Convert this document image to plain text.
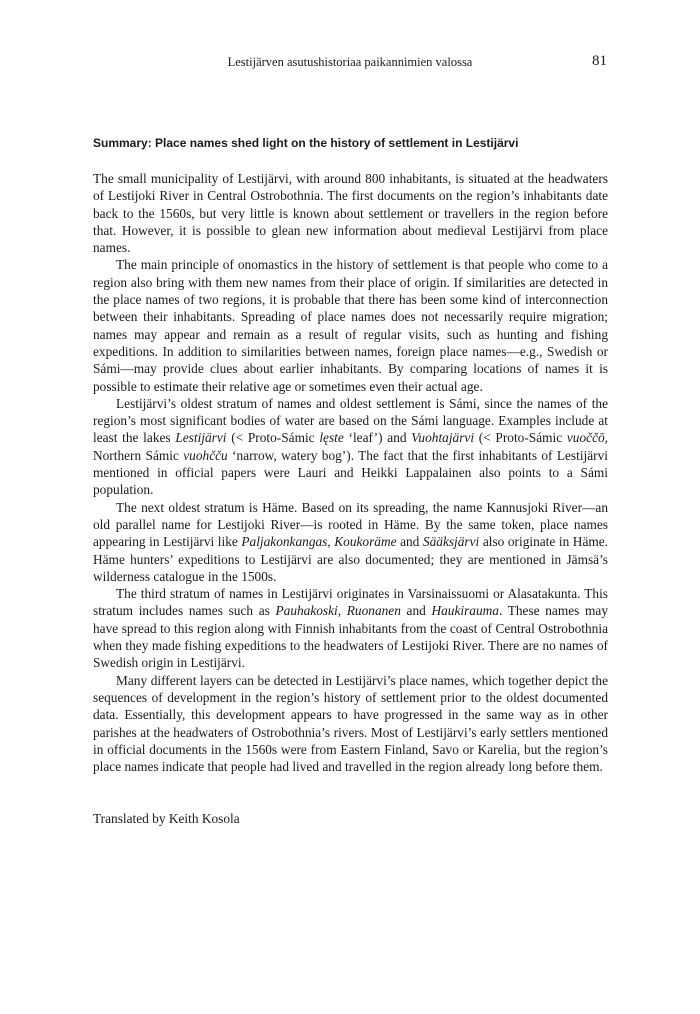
Lestijärven asutushistoriaa paikannimien valossa	81
Summary: Place names shed light on the history of settlement in Lestijärvi

The small municipality of Lestijärvi, with around 800 inhabitants, is situated at the headwaters of Lestijoki River in Central Ostrobothnia. The first documents on the region’s inhabitants date back to the 1560s, but very little is known about settlement or travellers in the region before that. However, it is possible to glean new information about medieval Lestijärvi from place names.

The main principle of onomastics in the history of settlement is that people who come to a region also bring with them new names from their place of origin. If similarities are detected in the place names of two regions, it is probable that there has been some kind of interconnection between their inhabitants. Spreading of place names does not necessarily require migration; names may appear and remain as a result of regular visits, such as hunting and fishing expeditions. In addition to similarities between names, foreign place names—e.g., Swedish or Sámi—may provide clues about earlier inhabitants. By comparing locations of names it is possible to estimate their relative age or sometimes even their actual age.

Lestijärvi’s oldest stratum of names and oldest settlement is Sámi, since the names of the region’s most significant bodies of water are based on the Sámi language. Examples include at least the lakes Lestijärvi (< Proto-Sámic lęste ‘leaf’) and Vuohtajärvi (< Proto-Sámic vuoččō, Northern Sámic vuohčču ‘narrow, watery bog’). The fact that the first inhabitants of Lestijärvi mentioned in official papers were Lauri and Heikki Lappalainen also points to a Sámi population.

The next oldest stratum is Häme. Based on its spreading, the name Kannusjoki River—an old parallel name for Lestijoki River—is rooted in Häme. By the same token, place names appearing in Lestijärvi like Paljakonkangas, Koukoräme and Sääksjärvi also originate in Häme. Häme hunters’ expeditions to Lestijärvi are also documented; they are mentioned in Jämsä’s wilderness catalogue in the 1500s.

The third stratum of names in Lestijärvi originates in Varsinaissuomi or Alasatakunta. This stratum includes names such as Pauhakoski, Ruonanen and Haukirauma. These names may have spread to this region along with Finnish inhabitants from the coast of Central Ostrobothnia when they made fishing expeditions to the headwaters of Lestijoki River. There are no names of Swedish origin in Lestijärvi.

Many different layers can be detected in Lestijärvi’s place names, which together depict the sequences of development in the region’s history of settlement prior to the oldest documented data. Essentially, this development appears to have progressed in the same way as in other parishes at the headwaters of Ostrobothnia’s rivers. Most of Lestijärvi’s early settlers mentioned in official documents in the 1560s were from Eastern Finland, Savo or Karelia, but the region’s place names indicate that people had lived and travelled in the region already long before them.

Translated by Keith Kosola
